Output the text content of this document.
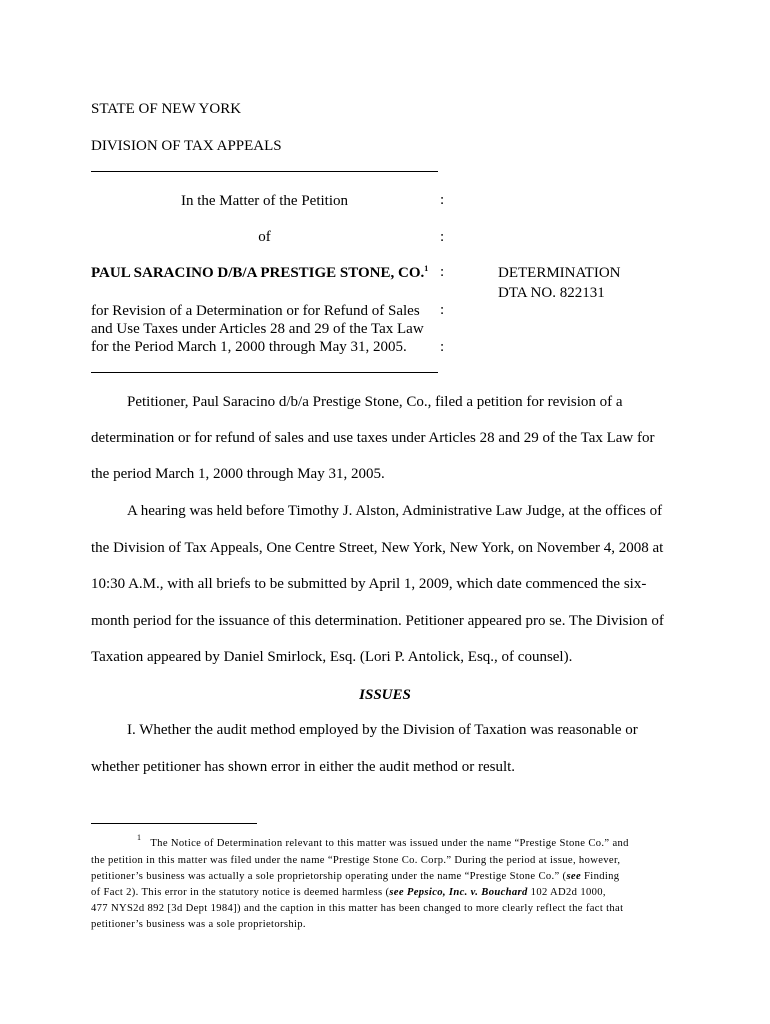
STATE OF NEW YORK
DIVISION OF TAX APPEALS
In the Matter of the Petition	:
of	:
PAUL SARACINO D/B/A PRESTIGE STONE, CO.$^1$ :	DETERMINATION
DTA NO. 822131
for Revision of a Determination or for Refund of Sales :
and Use Taxes under Articles 28 and 29 of the Tax Law
for the Period March 1, 2000 through May 31, 2005. :
Petitioner, Paul Saracino d/b/a Prestige Stone, Co., filed a petition for revision of a
determination or for refund of sales and use taxes under Articles 28 and 29 of the Tax Law for
the period March 1, 2000 through May 31, 2005.
A hearing was held before Timothy J. Alston, Administrative Law Judge, at the offices of
the Division of Tax Appeals, One Centre Street, New York, New York, on November 4, 2008 at
10:30 A.M., with all briefs to be submitted by April 1, 2009, which date commenced the six-
month period for the issuance of this determination. Petitioner appeared pro se. The Division of
Taxation appeared by Daniel Smirlock, Esq. (Lori P. Antolick, Esq., of counsel).
ISSUES
I. Whether the audit method employed by the Division of Taxation was reasonable or
whether petitioner has shown error in either the audit method or result.
$^1$   The Notice of Determination relevant to this matter was issued under the name “Prestige Stone Co.” and
the petition in this matter was filed under the name “Prestige Stone Co. Corp.” During the period at issue, however,
petitioner’s business was actually a sole proprietorship operating under the name “Prestige Stone Co.” (see Finding
of Fact 2). This error in the statutory notice is deemed harmless (see Pepsico, Inc. v. Bouchard 102 AD2d 1000,
477 NYS2d 892 [3d Dept 1984]) and the caption in this matter has been changed to more clearly reflect the fact that
petitioner’s business was a sole proprietorship.
